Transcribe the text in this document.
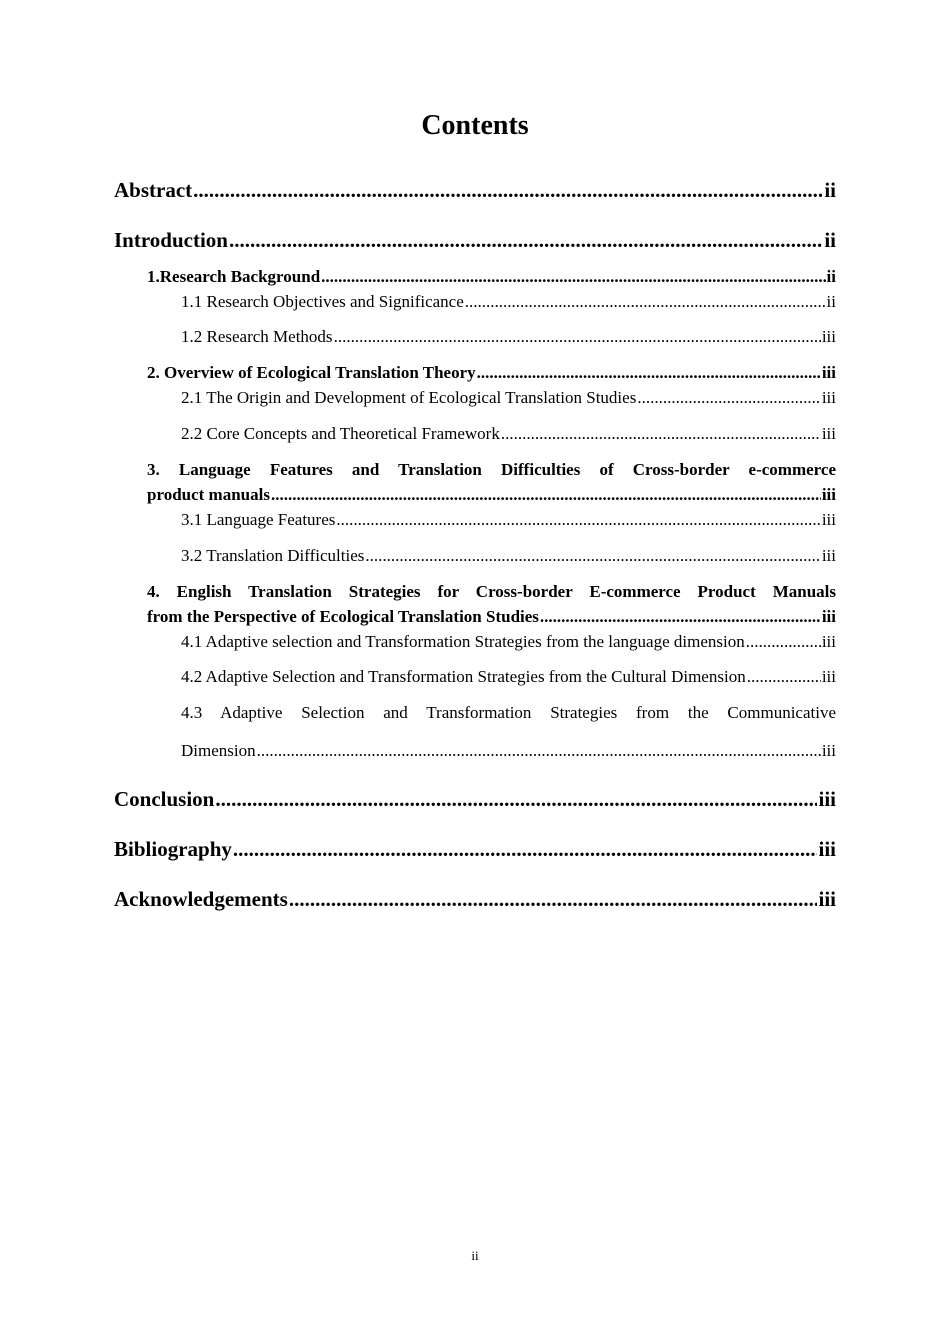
Contents
Abstract .....	ii
Introduction .....	ii
1.Research Background .....	ii
1.1 Research Objectives and Significance .....	ii
1.2 Research Methods .....	iii
2. Overview of Ecological Translation Theory .....	iii
2.1 The Origin and Development of Ecological Translation Studies .....	iii
2.2 Core Concepts and Theoretical Framework .....	iii
3. Language Features and Translation Difficulties of Cross-border e-commerce
product manuals .....	iii
3.1 Language Features .....	iii
3.2 Translation Difficulties .....	iii
4. English Translation Strategies for Cross-border E-commerce Product Manuals
from the Perspective of Ecological Translation Studies .....	iii
4.1 Adaptive selection and Transformation Strategies from the language dimension .....	iii
4.2 Adaptive Selection and Transformation Strategies from the Cultural Dimension .....	iii
4.3 Adaptive Selection and Transformation Strategies from the Communicative
Dimension .....	iii
Conclusion .....	iii
Bibliography .....	iii
Acknowledgements .....	iii
ii
